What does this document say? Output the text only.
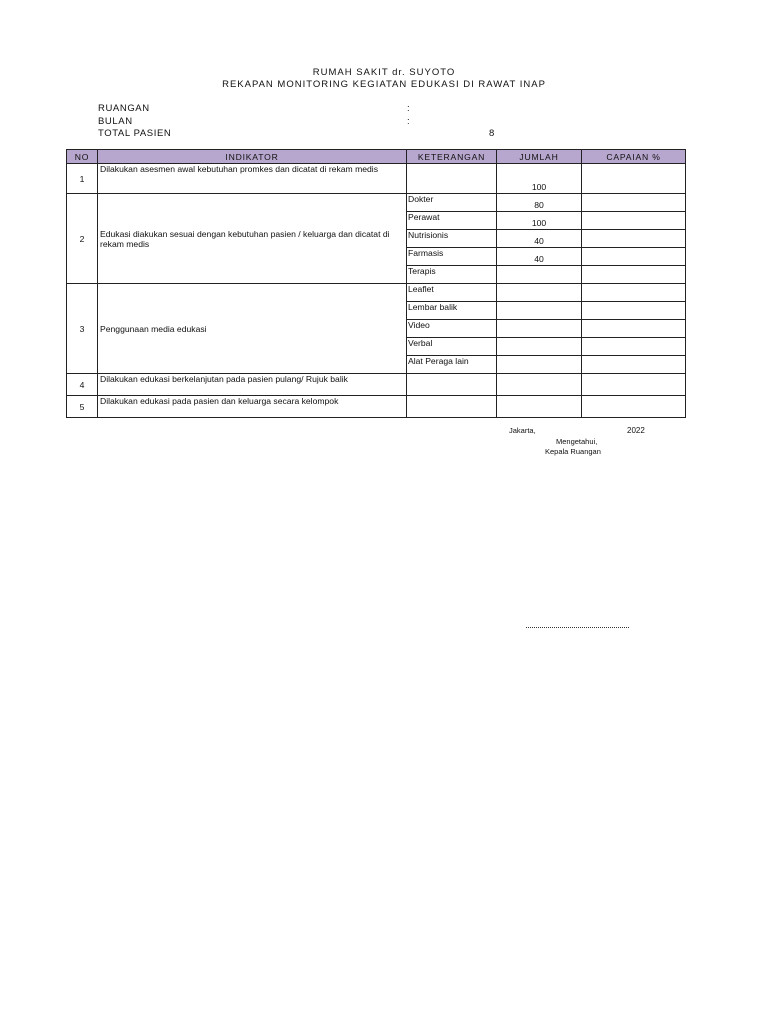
RUMAH SAKIT dr. SUYOTO
REKAPAN MONITORING KEGIATAN EDUKASI DI RAWAT INAP
RUANGAN	:
BULAN	:
TOTAL PASIEN	8
NO	INDIKATOR	KETERANGAN	JUMLAH	CAPAIAN %
1	Dilakukan asesmen awal kebutuhan promkes dan dicatat di rekam medis		100	
2	Edukasi diakukan sesuai dengan kebutuhan pasien / keluarga dan dicatat di rekam medis	Dokter	80	
		Perawat	100	
		Nutrisionis	40	
		Farmasis	40	
		Terapis		
3	Penggunaan media edukasi	Leaflet		
		Lembar balik		
		Video		
		Verbal		
		Alat Peraga lain		
4	Dilakukan edukasi berkelanjutan pada pasien pulang/ Rujuk balik			
5	Dilakukan edukasi pada pasien dan keluarga secara kelompok			
Jakarta,	2022
Mengetahui,
Kepala Ruangan
